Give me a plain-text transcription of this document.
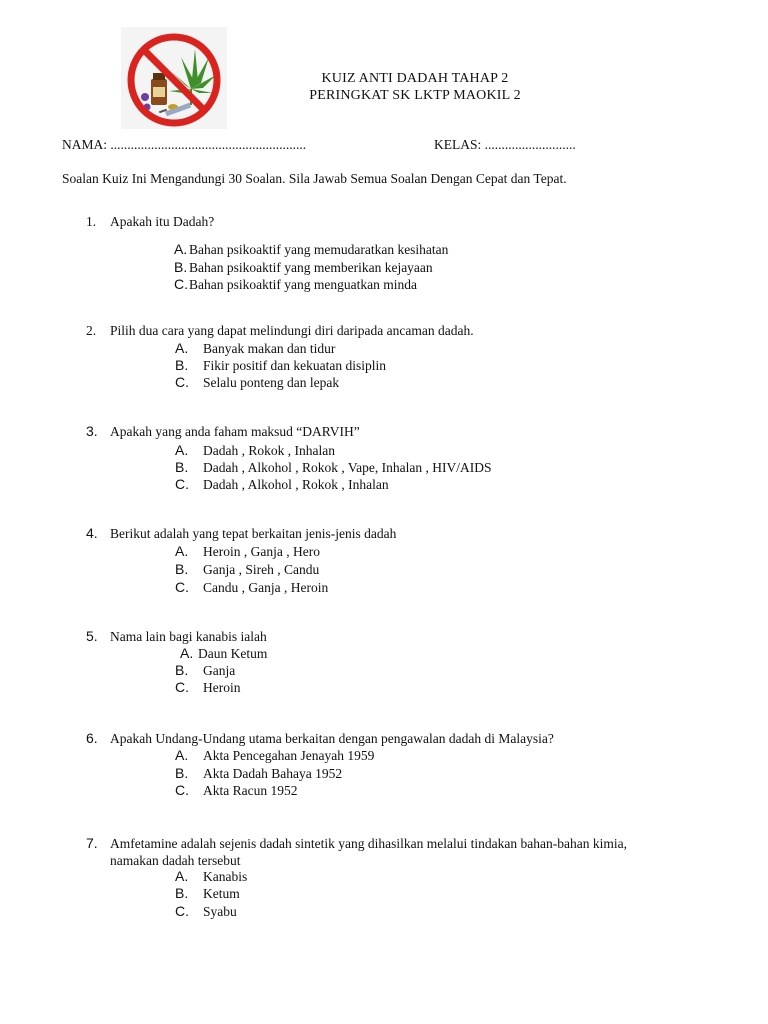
KUIZ ANTI DADAH TAHAP 2
PERINGKAT SK LKTP MAOKIL 2
NAMA: ..........................................................	KELAS: ...........................
Soalan Kuiz Ini Mengandungi 30 Soalan. Sila Jawab Semua Soalan Dengan Cepat dan Tepat.
1. Apakah itu Dadah?
A. Bahan psikoaktif yang memudaratkan kesihatan
B. Bahan psikoaktif yang memberikan kejayaan
C.Bahan psikoaktif yang menguatkan minda
2. Pilih dua cara yang dapat melindungi diri daripada ancaman dadah.
A. Banyak makan dan tidur
B. Fikir positif dan kekuatan disiplin
C. Selalu ponteng dan lepak
3. Apakah yang anda faham maksud “DARVIH”
A. Dadah , Rokok , Inhalan
B. Dadah , Alkohol , Rokok , Vape, Inhalan , HIV/AIDS
C. Dadah , Alkohol , Rokok , Inhalan
4. Berikut adalah yang tepat berkaitan jenis-jenis dadah
A. Heroin , Ganja , Hero
B. Ganja , Sireh , Candu
C. Candu , Ganja , Heroin
5. Nama lain bagi kanabis ialah
A. Daun Ketum
B. Ganja
C. Heroin
6. Apakah Undang-Undang utama berkaitan dengan pengawalan dadah di Malaysia?
A. Akta Pencegahan Jenayah 1959
B. Akta Dadah Bahaya 1952
C. Akta Racun 1952
7. Amfetamine adalah sejenis dadah sintetik yang dihasilkan melalui tindakan bahan-bahan kimia,
namakan dadah tersebut
A. Kanabis
B. Ketum
C. Syabu
